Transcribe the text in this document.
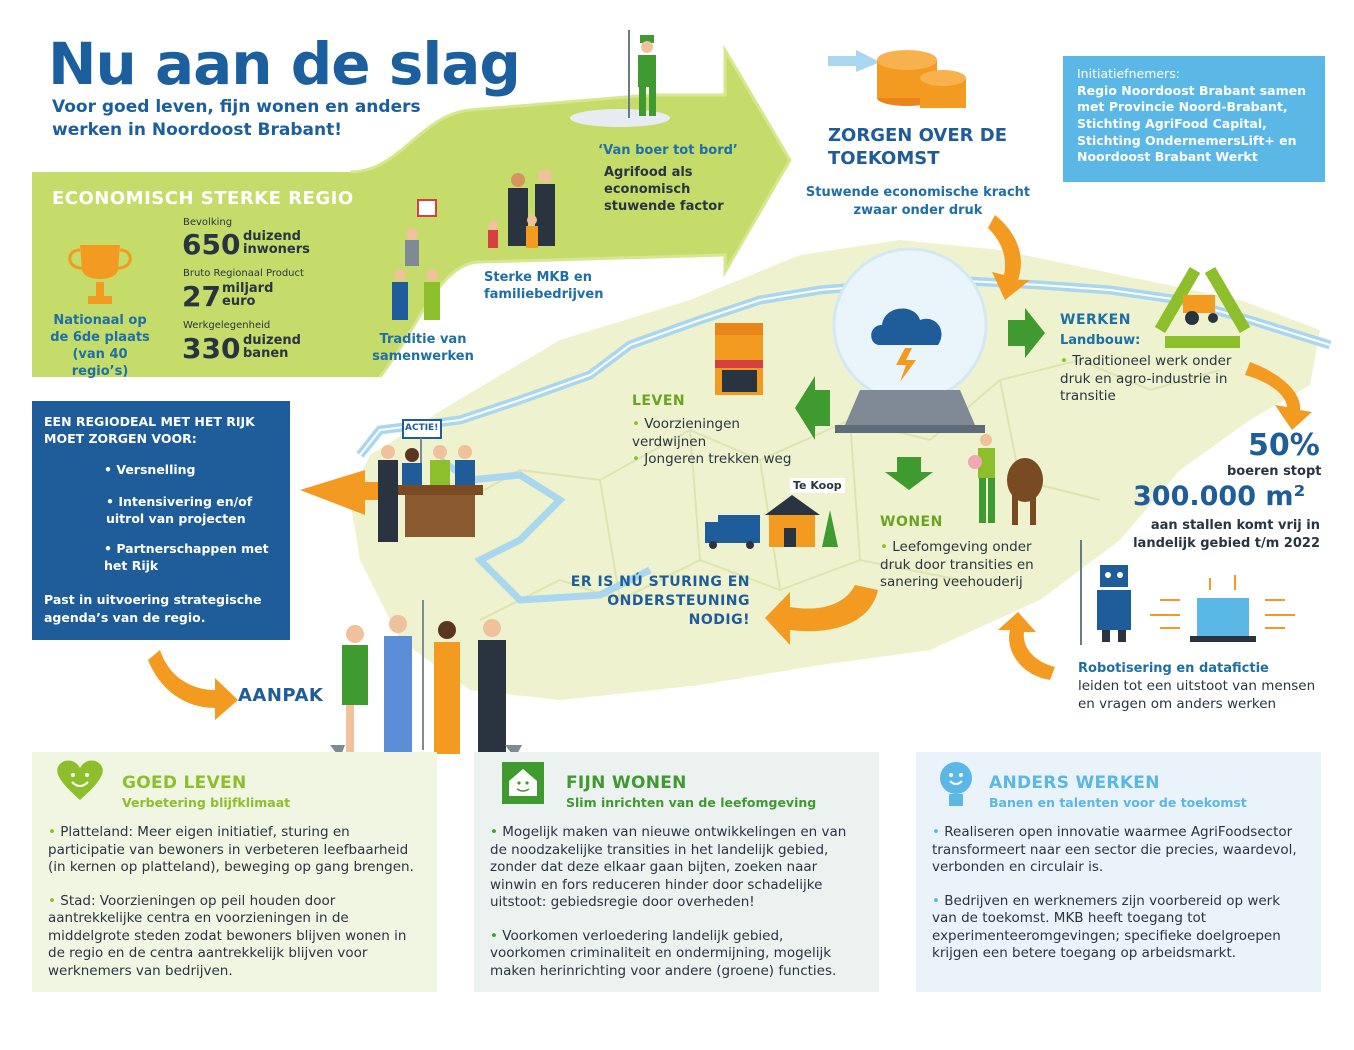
Nu aan de slag
Voor goed leven, fijn wonen en anders werken in Noordoost Brabant!
ECONOMISCH STERKE REGIO
Nationaal op de 6de plaats (van 40 regio’s)
Bevolking
650 duizend inwoners
Bruto Regionaal Product
27 miljard euro
Werkgelegenheid
330 duizend banen
Traditie van samenwerken
Sterke MKB en familiebedrijven
‘Van boer tot bord’
Agrifood als economisch stuwende factor
ZORGEN OVER DE TOEKOMST
Stuwende economische kracht zwaar onder druk
Initiatiefnemers:
Regio Noordoost Brabant samen met Provincie Noord-Brabant, Stichting AgriFood Capital, Stichting OndernemersLift+ en Noordoost Brabant Werkt
WERKEN
Landbouw:
• Traditioneel werk onder druk en agro-industrie in transitie
50%
boeren stopt
300.000 m²
aan stallen komt vrij in landelijk gebied t/m 2022
Robotisering en datafictie
leiden tot een uitstoot van mensen en vragen om anders werken
LEVEN
• Voorzieningen verdwijnen
• Jongeren trekken weg
Te Koop
WONEN
• Leefomgeving onder druk door transities en sanering veehouderij
ER IS NÚ STURING EN ONDERSTEUNING NODIG!
ACTIE!
EEN REGIODEAL MET HET RIJK MOET ZORGEN VOOR:
• Versnelling
• Intensivering en/of uitrol van projecten
• Partnerschappen met het Rijk
Past in uitvoering strategische agenda’s van de regio.
AANPAK
GOED LEVEN
Verbetering blijfklimaat

• Platteland: Meer eigen initiatief, sturing en participatie van bewoners in verbeteren leefbaarheid (in kernen op platteland), beweging op gang brengen.

• Stad: Voorzieningen op peil houden door aantrekkelijke centra en voorzieningen in de middelgrote steden zodat bewoners blijven wonen in de regio en de centra aantrekkelijk blijven voor werknemers van bedrijven.

FIJN WONEN
Slim inrichten van de leefomgeving

• Mogelijk maken van nieuwe ontwikkelingen en van de noodzakelijke transities in het landelijk gebied, zonder dat deze elkaar gaan bijten, zoeken naar winwin en fors reduceren hinder door schadelijke uitstoot: gebiedsregie door overheden!

• Voorkomen verloedering landelijk gebied, voorkomen criminaliteit en ondermijning, mogelijk maken herinrichting voor andere (groene) functies.

ANDERS WERKEN
Banen en talenten voor de toekomst

• Realiseren open innovatie waarmee AgriFoodsector transformeert naar een sector die precies, waardevol, verbonden en circulair is.

• Bedrijven en werknemers zijn voorbereid op werk van de toekomst. MKB heeft toegang tot experimenteeromgevingen; specifieke doelgroepen krijgen een betere toegang op arbeidsmarkt.
